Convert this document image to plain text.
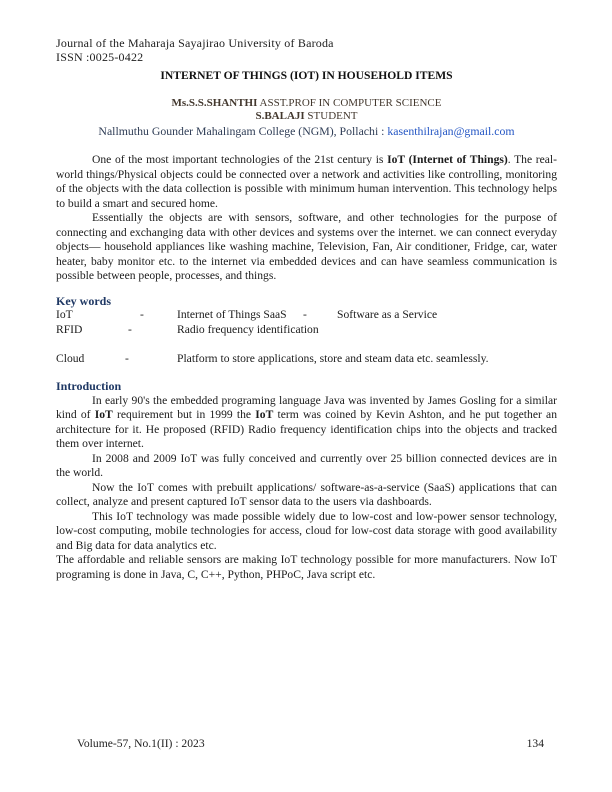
Journal of the Maharaja Sayajirao University of Baroda
ISSN :0025-0422
INTERNET OF THINGS (IOT) IN HOUSEHOLD ITEMS
Ms.S.S.SHANTHI ASST.PROF IN COMPUTER SCIENCE
S.BALAJI STUDENT
Nallmuthu Gounder Mahalingam College (NGM), Pollachi : kasenthilrajan@gmail.com

One of the most important technologies of the 21st century is IoT (Internet of Things). The real-world things/Physical objects could be connected over a network and activities like controlling, monitoring of the objects with the data collection is possible with minimum human intervention. This technology helps to build a smart and secured home.

Essentially the objects are with sensors, software, and other technologies for the purpose of connecting and exchanging data with other devices and systems over the internet. we can connect everyday objects— household appliances like washing machine, Television, Fan, Air conditioner, Fridge, car, water heater, baby monitor etc. to the internet via embedded devices and can have seamless communication is possible between people, processes, and things.

Key words
IoT	-	Internet of Things SaaS -	Software as a Service
RFID	-	Radio frequency identification
Cloud	-	Platform to store applications, store and steam data etc. seamlessly.
Introduction

In early 90's the embedded programing language Java was invented by James Gosling for a similar kind of IoT requirement but in 1999 the IoT term was coined by Kevin Ashton, and he put together an architecture for it. He proposed (RFID) Radio frequency identification chips into the objects and tracked them over internet.

In 2008 and 2009 IoT was fully conceived and currently over 25 billion connected devices are in the world.

Now the IoT comes with prebuilt applications/ software-as-a-service (SaaS) applications that can collect, analyze and present captured IoT sensor data to the users via dashboards.

This IoT technology was made possible widely due to low-cost and low-power sensor technology, low-cost computing, mobile technologies for access, cloud for low-cost data storage with good availability and Big data for data analytics etc.

The affordable and reliable sensors are making IoT technology possible for more manufacturers. Now IoT programing is done in Java, C, C++, Python, PHPoC, Java script etc.

Volume-57, No.1(II) : 2023	134
